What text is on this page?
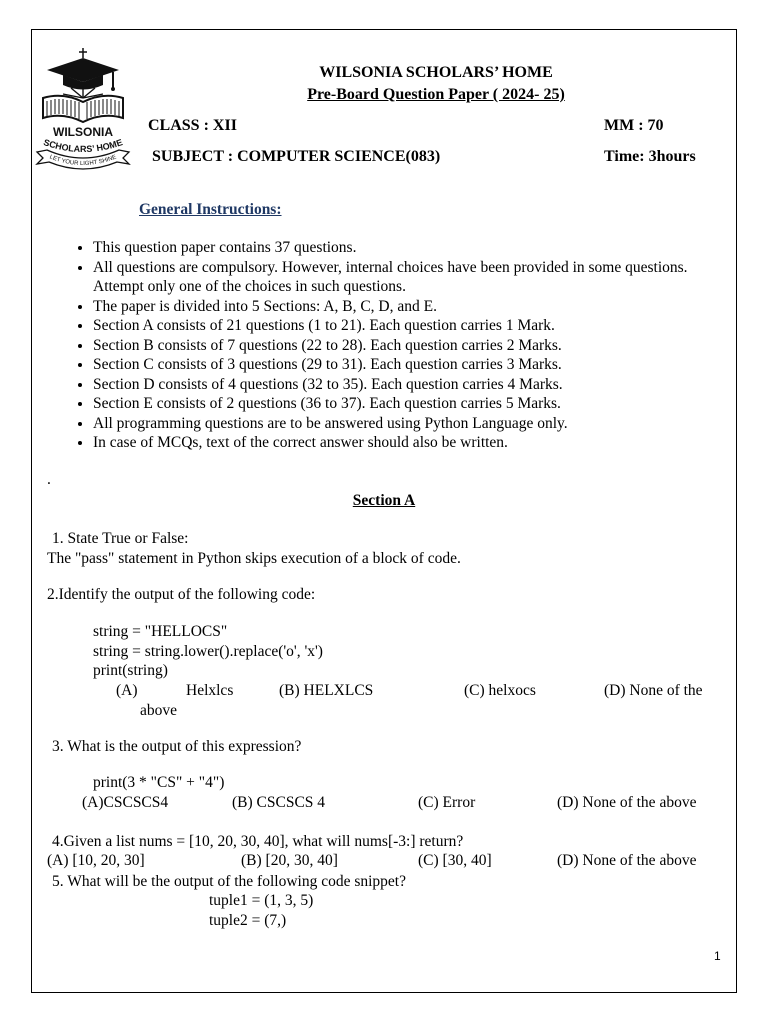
WILSONIA
SCHOLARS’ HOME
LET YOUR LIGHT SHINE
WILSONIA SCHOLARS’ HOME
Pre-Board Question Paper ( 2024- 25)
CLASS : XII	MM : 70
SUBJECT : COMPUTER SCIENCE(083)	Time: 3hours
General Instructions:
• This question paper contains 37 questions.
• All questions are compulsory. However, internal choices have been provided in some questions. Attempt only one of the choices in such questions.
• The paper is divided into 5 Sections: A, B, C, D, and E.
• Section A consists of 21 questions (1 to 21). Each question carries 1 Mark.
• Section B consists of 7 questions (22 to 28). Each question carries 2 Marks.
• Section C consists of 3 questions (29 to 31). Each question carries 3 Marks.
• Section D consists of 4 questions (32 to 35). Each question carries 4 Marks.
• Section E consists of 2 questions (36 to 37). Each question carries 5 Marks.
• All programming questions are to be answered using Python Language only.
• In case of MCQs, text of the correct answer should also be written.
.
Section A
1. State True or False:
The "pass" statement in Python skips execution of a block of code.
2.Identify the output of the following code:
string = "HELLOCS"
string = string.lower().replace('o', 'x')
print(string)
(A)	Helxlcs	(B) HELXLCS	(C) helxocs	(D) None of the
above
3. What is the output of this expression?
print(3 * "CS" + "4")
(A)CSCSCS4	(B) CSCSCS 4	(C) Error	(D) None of the above
4.Given a list nums = [10, 20, 30, 40], what will nums[-3:] return?
(A) [10, 20, 30]	(B) [20, 30, 40]	(C) [30, 40]	(D) None of the above
5. What will be the output of the following code snippet?
tuple1 = (1, 3, 5)
tuple2 = (7,)
1
